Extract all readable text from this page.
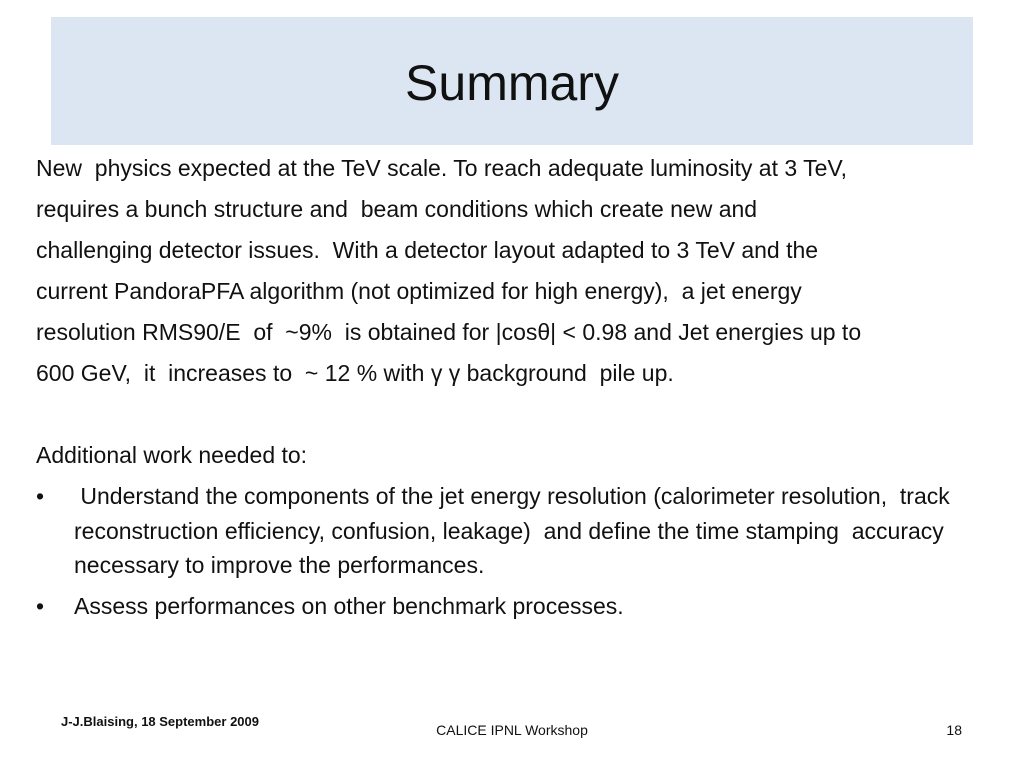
Summary

New  physics expected at the TeV scale. To reach adequate luminosity at 3 TeV,
requires a bunch structure and  beam conditions which create new and
challenging detector issues.  With a detector layout adapted to 3 TeV and the
current PandoraPFA algorithm (not optimized for high energy),  a jet energy
resolution RMS90/E  of  ~9%  is obtained for |cosθ| < 0.98 and Jet energies up to
600 GeV,  it  increases to  ~ 12 % with γ γ background  pile up.

Additional work needed to:

• Understand the components of the jet energy resolution (calorimeter resolution,  track reconstruction efficiency, confusion, leakage)  and define the time stamping  accuracy necessary to improve the performances.
• Assess performances on other benchmark processes.
J-J.Blaising, 18 September 2009
CALICE IPNL Workshop	18
